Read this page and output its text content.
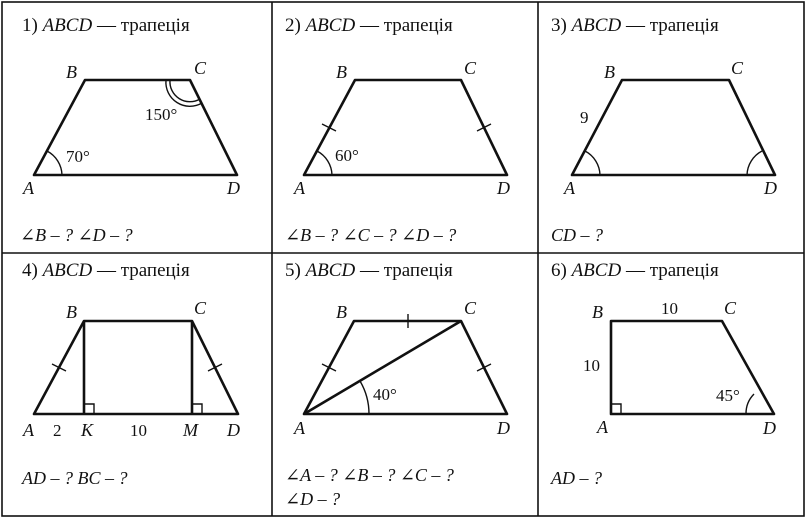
1) ABCD — трапеція
A
B	C
D
70°
150°
∠B – ? ∠D – ?
2) ABCD — трапеція
A
B	C
D
60°
∠B – ? ∠C – ? ∠D – ?
3) ABCD — трапеція
A
B	C
D
9
CD – ?
4) ABCD — трапеція
A
B	C
D
K	M
2	10
AD – ? BC – ?
5) ABCD — трапеція
A
B	C
D
40°
∠A – ? ∠B – ? ∠C – ?
∠D – ?
6) ABCD — трапеція
B	C
A	D
10
10
45°
AD – ?
